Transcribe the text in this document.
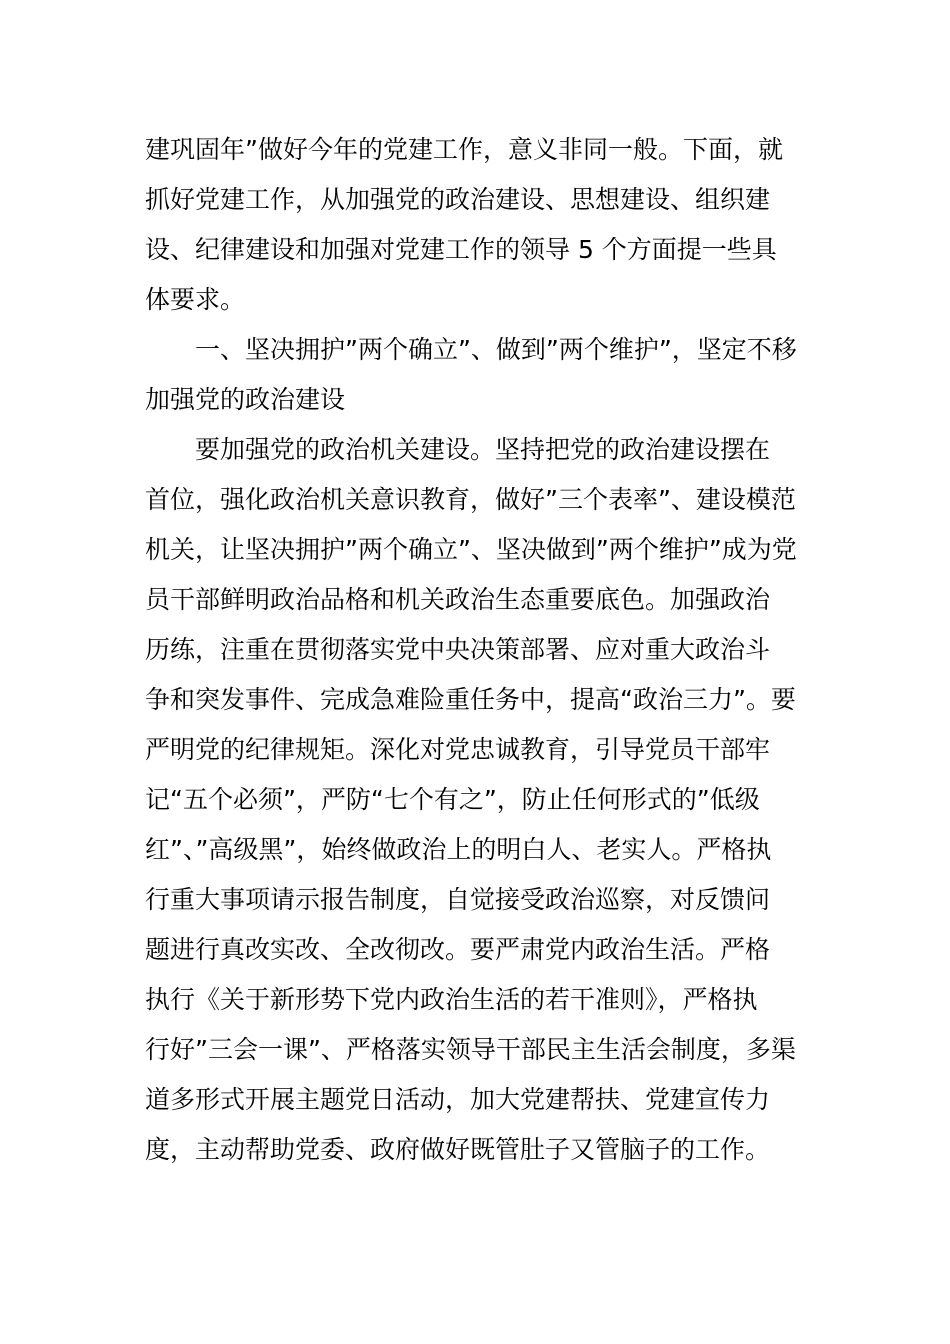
建巩固年”做好今年的党建工作，意义非同一般。下面，就
抓好党建工作，从加强党的政治建设、思想建设、组织建
设、纪律建设和加强对党建工作的领导 5 个方面提一些具
体要求。
　　一、坚决拥护”两个确立”、做到”两个维护”，坚定不移
加强党的政治建设
　　要加强党的政治机关建设。坚持把党的政治建设摆在
首位，强化政治机关意识教育，做好”三个表率”、建设模范
机关，让坚决拥护”两个确立”、坚决做到”两个维护”成为党
员干部鲜明政治品格和机关政治生态重要底色。加强政治
历练，注重在贯彻落实党中央决策部署、应对重大政治斗
争和突发事件、完成急难险重任务中，提高“政治三力”。要
严明党的纪律规矩。深化对党忠诚教育，引导党员干部牢
记“五个必须”，严防“七个有之”，防止任何形式的”低级
红”、”高级黑”，始终做政治上的明白人、老实人。严格执
行重大事项请示报告制度，自觉接受政治巡察，对反馈问
题进行真改实改、全改彻改。要严肃党内政治生活。严格
执行《关于新形势下党内政治生活的若干准则》，严格执
行好”三会一课”、严格落实领导干部民主生活会制度，多渠
道多形式开展主题党日活动，加大党建帮扶、党建宣传力
度，主动帮助党委、政府做好既管肚子又管脑子的工作。
